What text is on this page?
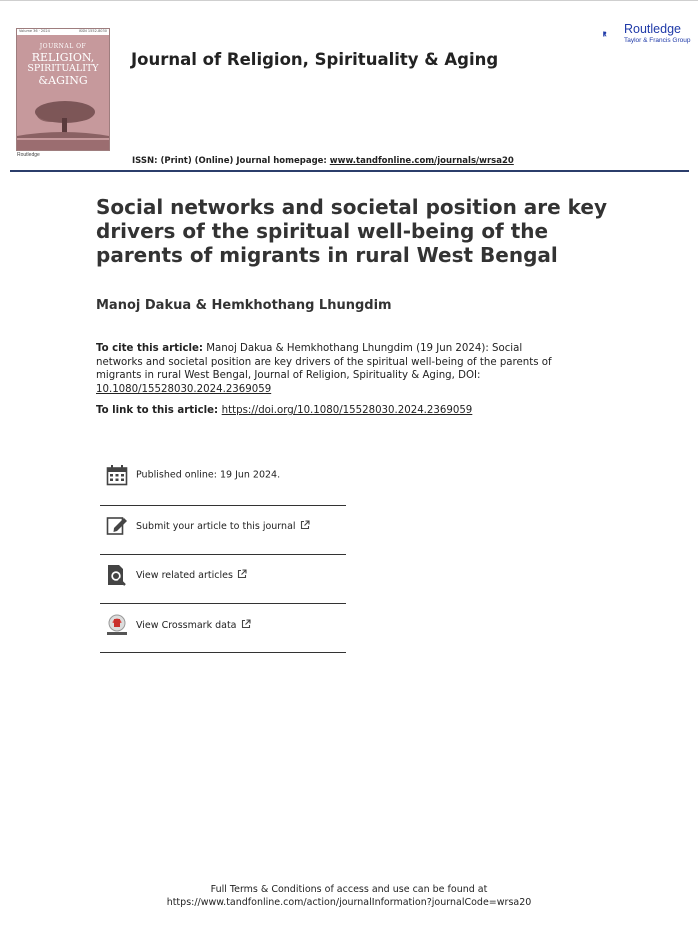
Volume 36 · 2024	ISSN 1552-8030
JOURNAL OF
RELIGION,
SPIRITUALITY
&AGING
Routledge
Journal of Religion, Spirituality & Aging
Routledge
Taylor & Francis Group
ISSN: (Print) (Online) Journal homepage: www.tandfonline.com/journals/wrsa20
Social networks and societal position are key drivers of the spiritual well-being of the parents of migrants in rural West Bengal
Manoj Dakua & Hemkhothang Lhungdim
To cite this article: Manoj Dakua & Hemkhothang Lhungdim (19 Jun 2024): Social networks and societal position are key drivers of the spiritual well-being of the parents of migrants in rural West Bengal, Journal of Religion, Spirituality & Aging, DOI: 10.1080/15528030.2024.2369059
To link to this article: https://doi.org/10.1080/15528030.2024.2369059
Published online: 19 Jun 2024.
Submit your article to this journal
View related articles
View Crossmark data
Full Terms & Conditions of access and use can be found at
https://www.tandfonline.com/action/journalInformation?journalCode=wrsa20
